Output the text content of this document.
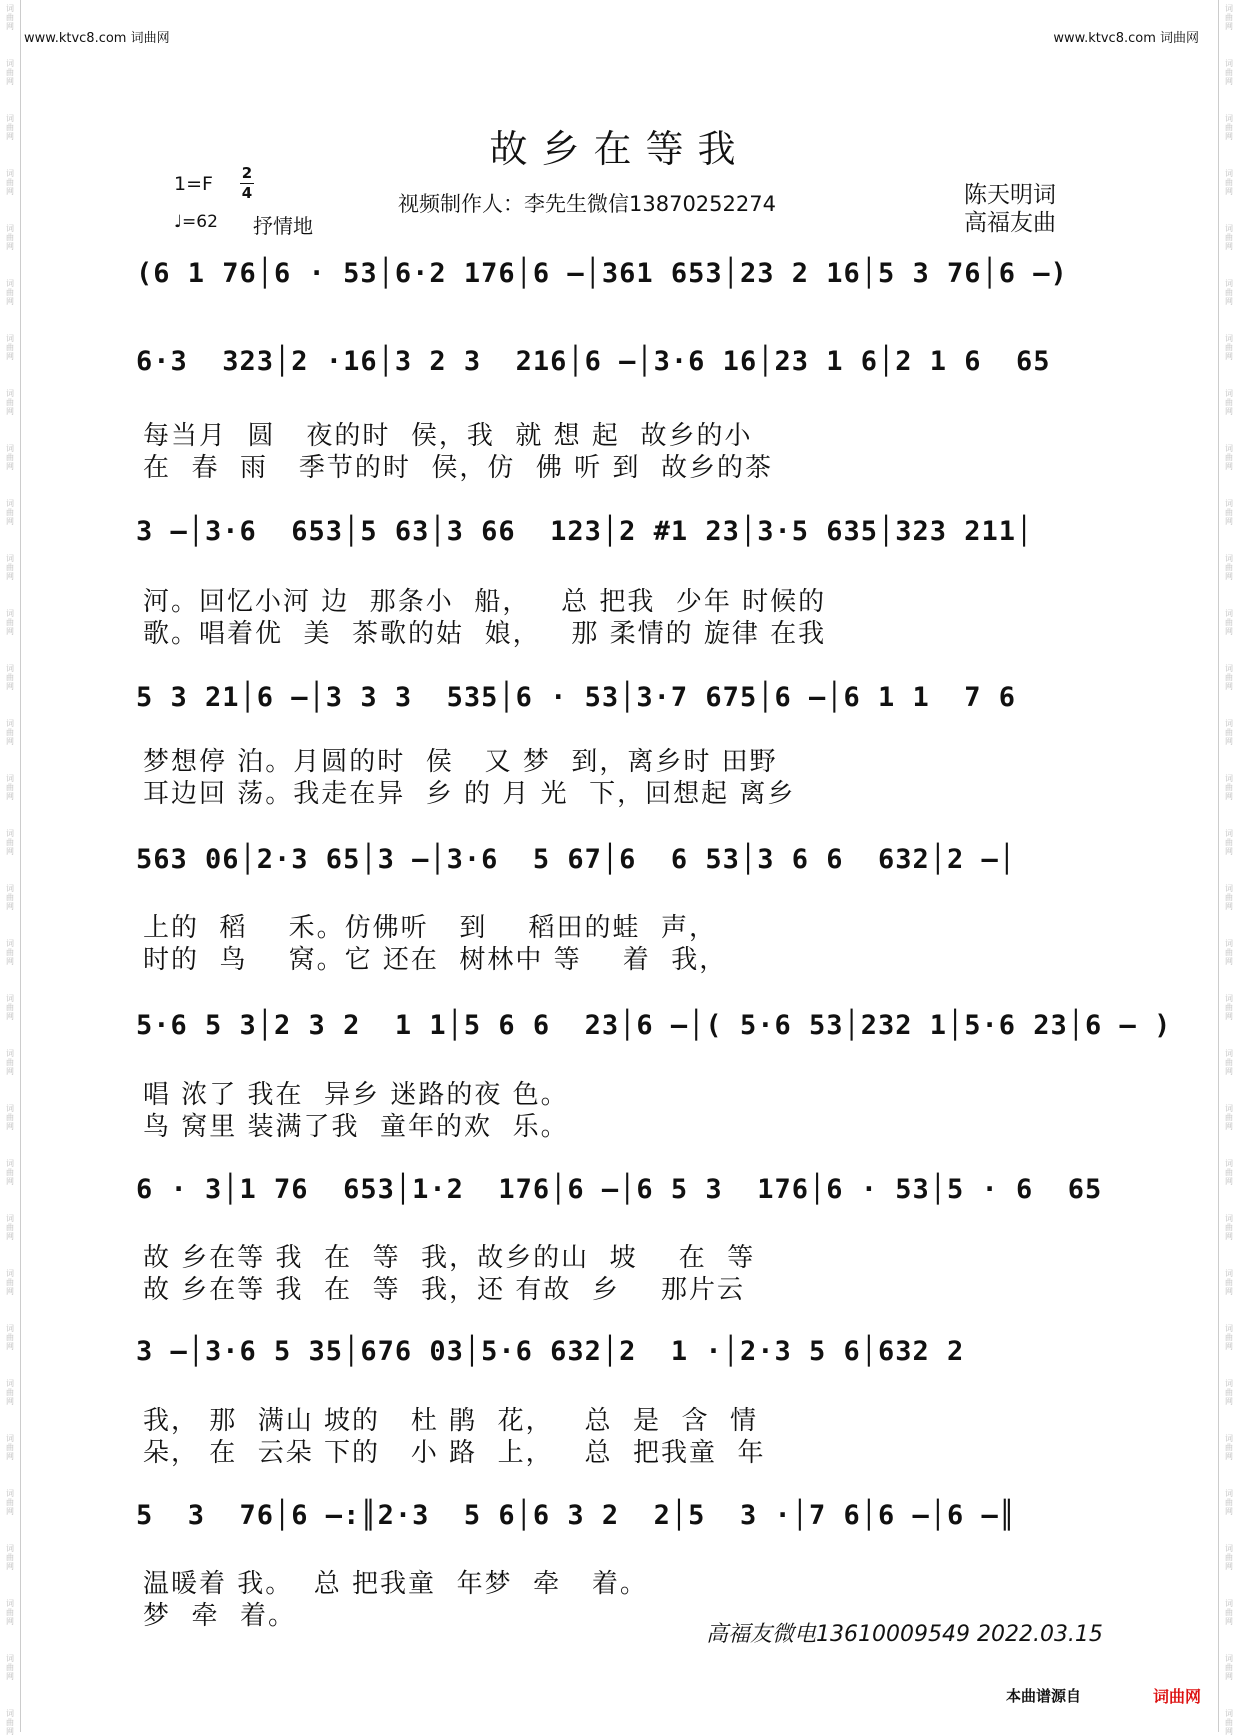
词
曲
网
词
曲
网
词
曲
网
词
曲
网
词
曲
网
词
曲
网
词
曲
网
词
曲
网
词
曲
网
词
曲
网
词
曲
网
词
曲
网
词
曲
网
词
曲
网
词
曲
网
词
曲
网
词
曲
网
词
曲
网
词
曲
网
词
曲
网
词
曲
网
词
曲
网
词
曲
网
词
曲
网
词
曲
网
词
曲
网
词
曲
网
词
曲
网
词
曲
网
词
曲
网
词
曲
网
词
曲
网
词
曲
网
词
曲
网
词
曲
网
词
曲
网
词
曲
网
词
曲
网
词
曲
网
词
曲
网
词
曲
网
词
曲
网
词
曲
网
词
曲
网
词
曲
网
词
曲
网
词
曲
网
词
曲
网
词
曲
网
词
曲
网
词
曲
网
词
曲
网
词
曲
网
词
曲
网
词
曲
网
词
曲
网
词
曲
网
词
曲
网
词
曲
网
词
曲
网
词
曲
网
词
曲
网
词
曲
网
词
曲
网
www.ktvc8.com 词曲网	www.ktvc8.com 词曲网
故乡在等我
1=F 2
4
♩=62 抒情地
视频制作人：李先生微信13870252274	陈天明词
高福友曲
(6 1 76│6 · 53│6·2 176│6 –│361 653│23 2 16│5 3 76│6 –)
6·3  323│2 ·16│3 2 3  216│6 –│3·6 16│23 1 6│2 1 6  65
每当月  圆   夜的时  侯，我  就 想 起  故乡的小
在  春  雨   季节的时  侯，仿  佛 听 到  故乡的茶
3 –│3·6  653│5 63│3 66  123│2 #1 23│3·5 635│323 211│
河。回忆小河 边  那条小  船，   总 把我  少年 时候的
歌。唱着优  美  茶歌的姑  娘，   那 柔情的 旋律 在我
5 3 21│6 –│3 3 3  535│6 · 53│3·7 675│6 –│6 1 1  7 6
梦想停 泊。月圆的时  侯   又 梦  到，离乡时 田野
耳边回 荡。我走在异  乡 的 月 光  下，回想起 离乡
563 06│2·3 65│3 –│3·6  5 67│6  6 53│3 6 6  632│2 –│
上的  稻    禾。仿佛听   到    稻田的蛙  声，
时的  鸟    窝。它 还在  树林中 等    着  我，
5·6 5 3│2 3 2  1 1│5 6 6  23│6 –│( 5·6 53│232 1│5·6 23│6 – )
唱 浓了 我在  异乡 迷路的夜 色。
鸟 窝里 装满了我  童年的欢  乐。
6 · 3│1 76  653│1·2  176│6 –│6 5 3  176│6 · 53│5 · 6  65
故 乡在等 我  在  等  我，故乡的山  坡    在  等
故 乡在等 我  在  等  我，还 有故  乡    那片云
3 –│3·6 5 35│676 03│5·6 632│2  1 ·│2·3 5 6│632 2
我， 那  满山 坡的   杜 鹃  花，   总  是  含  情
朵， 在  云朵 下的   小 路  上，   总  把我童  年
5  3  76│6 –:║2·3  5 6│6 3 2  2│5  3 ·│7 6│6 –│6 –║
温暖着 我。  总 把我童  年梦  牵   着。
梦  牵  着。
高福友微电13610009549 2022.03.15
本曲谱源自	词曲网
